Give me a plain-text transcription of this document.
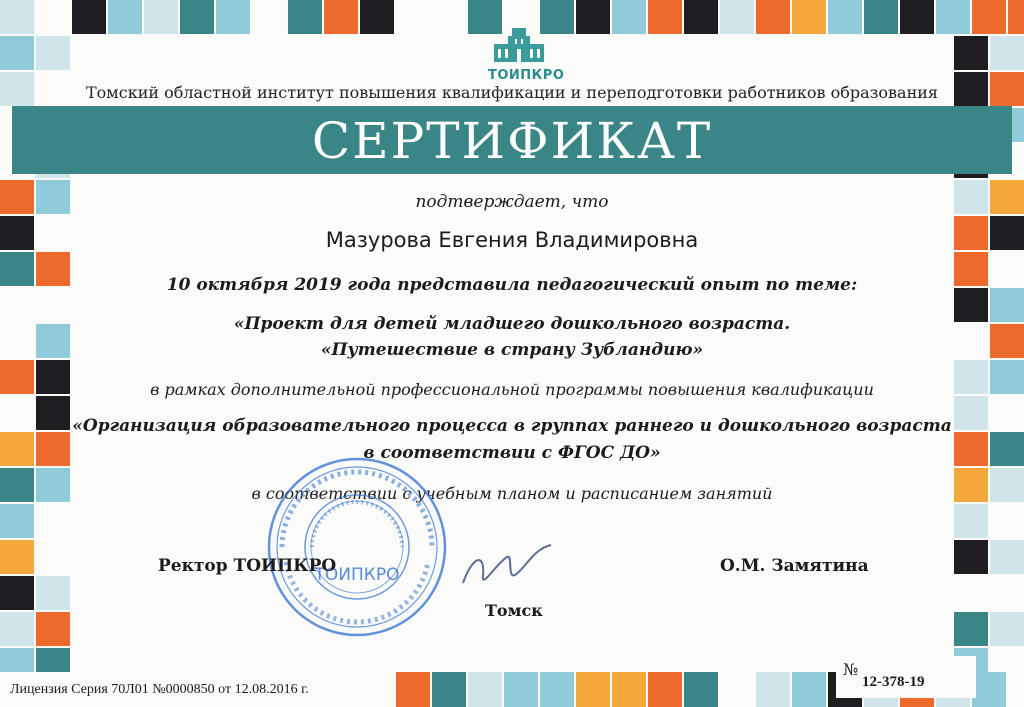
ТОИПКРО
Томский областной институт повышения квалификации и переподготовки работников образования
СЕРТИФИКАТ
подтверждает, что
Мазурова Евгения Владимировна
10 октября 2019 года представила педагогический опыт по теме:
«Проект для детей младшего дошкольного возраста.
«Путешествие в страну Зубландию»
в рамках дополнительной профессиональной программы повышения квалификации
«Организация образовательного процесса в группах раннего и дошкольного возраста
в соответствии с ФГОС ДО»
в соответствии с учебным планом и расписанием занятий
ТОИПКРО
Ректор ТОИПКРО	О.М. Замятина
Томск
Лицензия Серия 70Л01 №0000850 от 12.08.2016 г.
№
12-378-19
